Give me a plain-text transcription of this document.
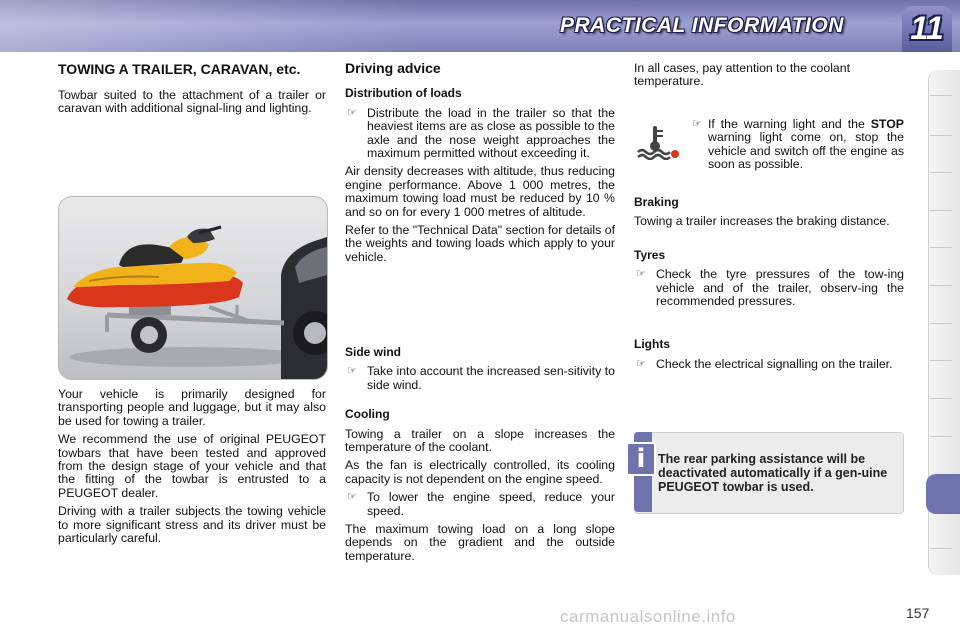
PRACTICAL INFORMATION 11
TOWING A TRAILER, CARAVAN, etc.

Towbar suited to the attachment of a trailer or caravan with additional signal-ling and lighting.

Your vehicle is primarily designed for transporting people and luggage, but it may also be used for towing a trailer.

We recommend the use of original PEUGEOT towbars that have been tested and approved from the design stage of your vehicle and that the fitting of the towbar is entrusted to a PEUGEOT dealer.

Driving with a trailer subjects the towing vehicle to more significant stress and its driver must be particularly careful.

Driving advice
Distribution of loads
☞ Distribute the load in the trailer so that the heaviest items are as close as possible to the axle and the nose weight approaches the maximum permitted without exceeding it.

Air density decreases with altitude, thus reducing engine performance. Above 1 000 metres, the maximum towing load must be reduced by 10 % and so on for every 1 000 metres of altitude.

Refer to the "Technical Data" section for details of the weights and towing loads which apply to your vehicle.

Side wind
☞ Take into account the increased sen-sitivity to side wind.
Cooling

Towing a trailer on a slope increases the temperature of the coolant.

As the fan is electrically controlled, its cooling capacity is not dependent on the engine speed.

☞ To lower the engine speed, reduce your speed.

The maximum towing load on a long slope depends on the gradient and the outside temperature.

In all cases, pay attention to the coolant temperature.

☞ If the warning light and the STOP warning light come on, stop the vehicle and switch off the engine as soon as possible.
Braking

Towing a trailer increases the braking distance.

Tyres
☞ Check the tyre pressures of the tow-ing vehicle and of the trailer, observ-ing the recommended pressures.
Lights
☞ Check the electrical signalling on the trailer.
i	The rear parking assistance will be deactivated automatically if a gen-uine PEUGEOT towbar is used.
carmanualsonline.info	157
